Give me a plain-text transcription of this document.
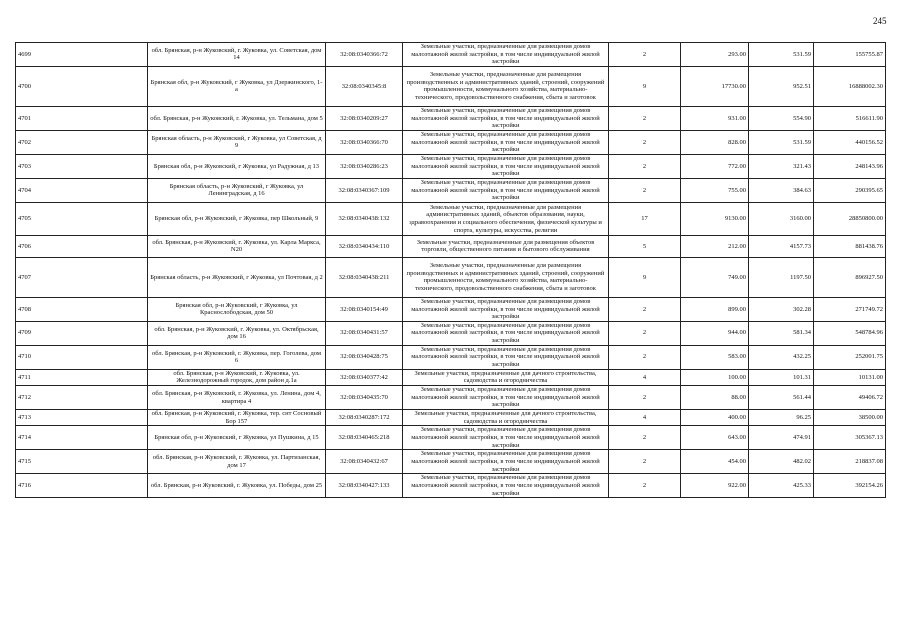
245
4699	обл. Брянская, р-н Жуковский, г. Жуковка, ул. Советская, дом 14	32:08:0340366:72	Земельные участки, предназначенные для размещения домов малоэтажной жилой застройки, в том числе индивидуальной жилой застройки	2	293.00	531.59	155755.87
4700	Брянская обл, р-н Жуковский, г Жуковка, ул Дзержинского, 1-а	32:08:0340345:8	Земельные участки, предназначенные для размещения производственных и административных зданий, строений, сооружений промышленности, коммунального хозяйства, материально-технического, продовольственного снабжения, сбыта и заготовок	9	17730.00	952.51	16888002.30
4701	обл. Брянская, р-н Жуковский, г. Жуковка, ул. Тельмана, дом 5	32:08:0340209:27	Земельные участки, предназначенные для размещения домов малоэтажной жилой застройки, в том числе индивидуальной жилой застройки	2	931.00	554.90	516611.90
4702	Брянская область, р-н Жуковский, г Жуковка, ул Советская, д 9	32:08:0340366:70	Земельные участки, предназначенные для размещения домов малоэтажной жилой застройки, в том числе индивидуальной жилой застройки	2	828.00	531.59	440156.52
4703	Брянская обл, р-н Жуковский, г Жуковка, ул Радужная, д 13	32:08:0340286:23	Земельные участки, предназначенные для размещения домов малоэтажной жилой застройки, в том числе индивидуальной жилой застройки	2	772.00	321.43	248143.96
4704	Брянская область, р-н Жуковский, г Жуковка, ул Ленинградская, д 16	32:08:0340367:109	Земельные участки, предназначенные для размещения домов малоэтажной жилой застройки, в том числе индивидуальной жилой застройки	2	755.00	384.63	290395.65
4705	Брянская обл, р-н Жуковский, г Жуковка, пер Школьный, 9	32:08:0340438:132	Земельные участки, предназначенные для размещения административных зданий, объектов образования, науки, здравоохранения и социального обеспечения, физической культуры и спорта, культуры, искусства, религии	17	9130.00	3160.00	28850800.00
4706	обл. Брянская, р-н Жуковский, г. Жуковка, ул. Карла Маркса, N20	32:08:0340434:110	Земельные участки, предназначенные для размещения объектов торговли, общественного питания и бытового обслуживания	5	212.00	4157.73	881438.76
4707	Брянская область, р-н Жуковский, г Жуковка, ул Почтовая, д 2	32:08:0340438:211	Земельные участки, предназначенные для размещения производственных и административных зданий, строений, сооружений промышленности, коммунального хозяйства, материально-технического, продовольственного снабжения, сбыта и заготовок	9	749.00	1197.50	896927.50
4708	Брянская обл, р-н Жуковский, г Жуковка, ул Краснослободская, дом 50	32:08:0340154:49	Земельные участки, предназначенные для размещения домов малоэтажной жилой застройки, в том числе индивидуальной жилой застройки	2	899.00	302.28	271749.72
4709	обл. Брянская, р-н Жуковский, г. Жуковка, ул. Октябрьская, дом 16	32:08:0340431:57	Земельные участки, предназначенные для размещения домов малоэтажной жилой застройки, в том числе индивидуальной жилой застройки	2	944.00	581.34	548784.96
4710	обл. Брянская, р-н Жуковский, г. Жуковка, пер. Гоголева, дом 6	32:08:0340428:75	Земельные участки, предназначенные для размещения домов малоэтажной жилой застройки, в том числе индивидуальной жилой застройки	2	583.00	432.25	252001.75
4711	обл. Брянская, р-н Жуковский, г. Жуковка, ул. Железнодорожный городок, дом район д.1а	32:08:0340377:42	Земельные участки, предназначенные для дачного строительства, садоводства и огородничества	4	100.00	101.31	10131.00
4712	обл. Брянская, р-н Жуковский, г. Жуковка, ул. Ленина, дом 4, квартира 4	32:08:0340435:70	Земельные участки, предназначенные для размещения домов малоэтажной жилой застройки, в том числе индивидуальной жилой застройки	2	88.00	561.44	49406.72
4713	обл. Брянская, р-н Жуковский, г. Жуковка, тер. снт Сосновый Бор 157	32:08:0340287:172	Земельные участки, предназначенные для дачного строительства, садоводства и огородничества	4	400.00	96.25	38500.00
4714	Брянская обл, р-н Жуковский, г Жуковка, ул Пушкина, д 15	32:08:0340465:218	Земельные участки, предназначенные для размещения домов малоэтажной жилой застройки, в том числе индивидуальной жилой застройки	2	643.00	474.91	305367.13
4715	обл. Брянская, р-н Жуковский, г. Жуковка, ул. Партизанская, дом 17	32:08:0340432:67	Земельные участки, предназначенные для размещения домов малоэтажной жилой застройки, в том числе индивидуальной жилой застройки	2	454.00	482.02	218837.08
4716	обл. Брянская, р-н Жуковский, г. Жуковка, ул. Победы, дом 25	32:08:0340427:133	Земельные участки, предназначенные для размещения домов малоэтажной жилой застройки, в том числе индивидуальной жилой застройки	2	922.00	425.33	392154.26
